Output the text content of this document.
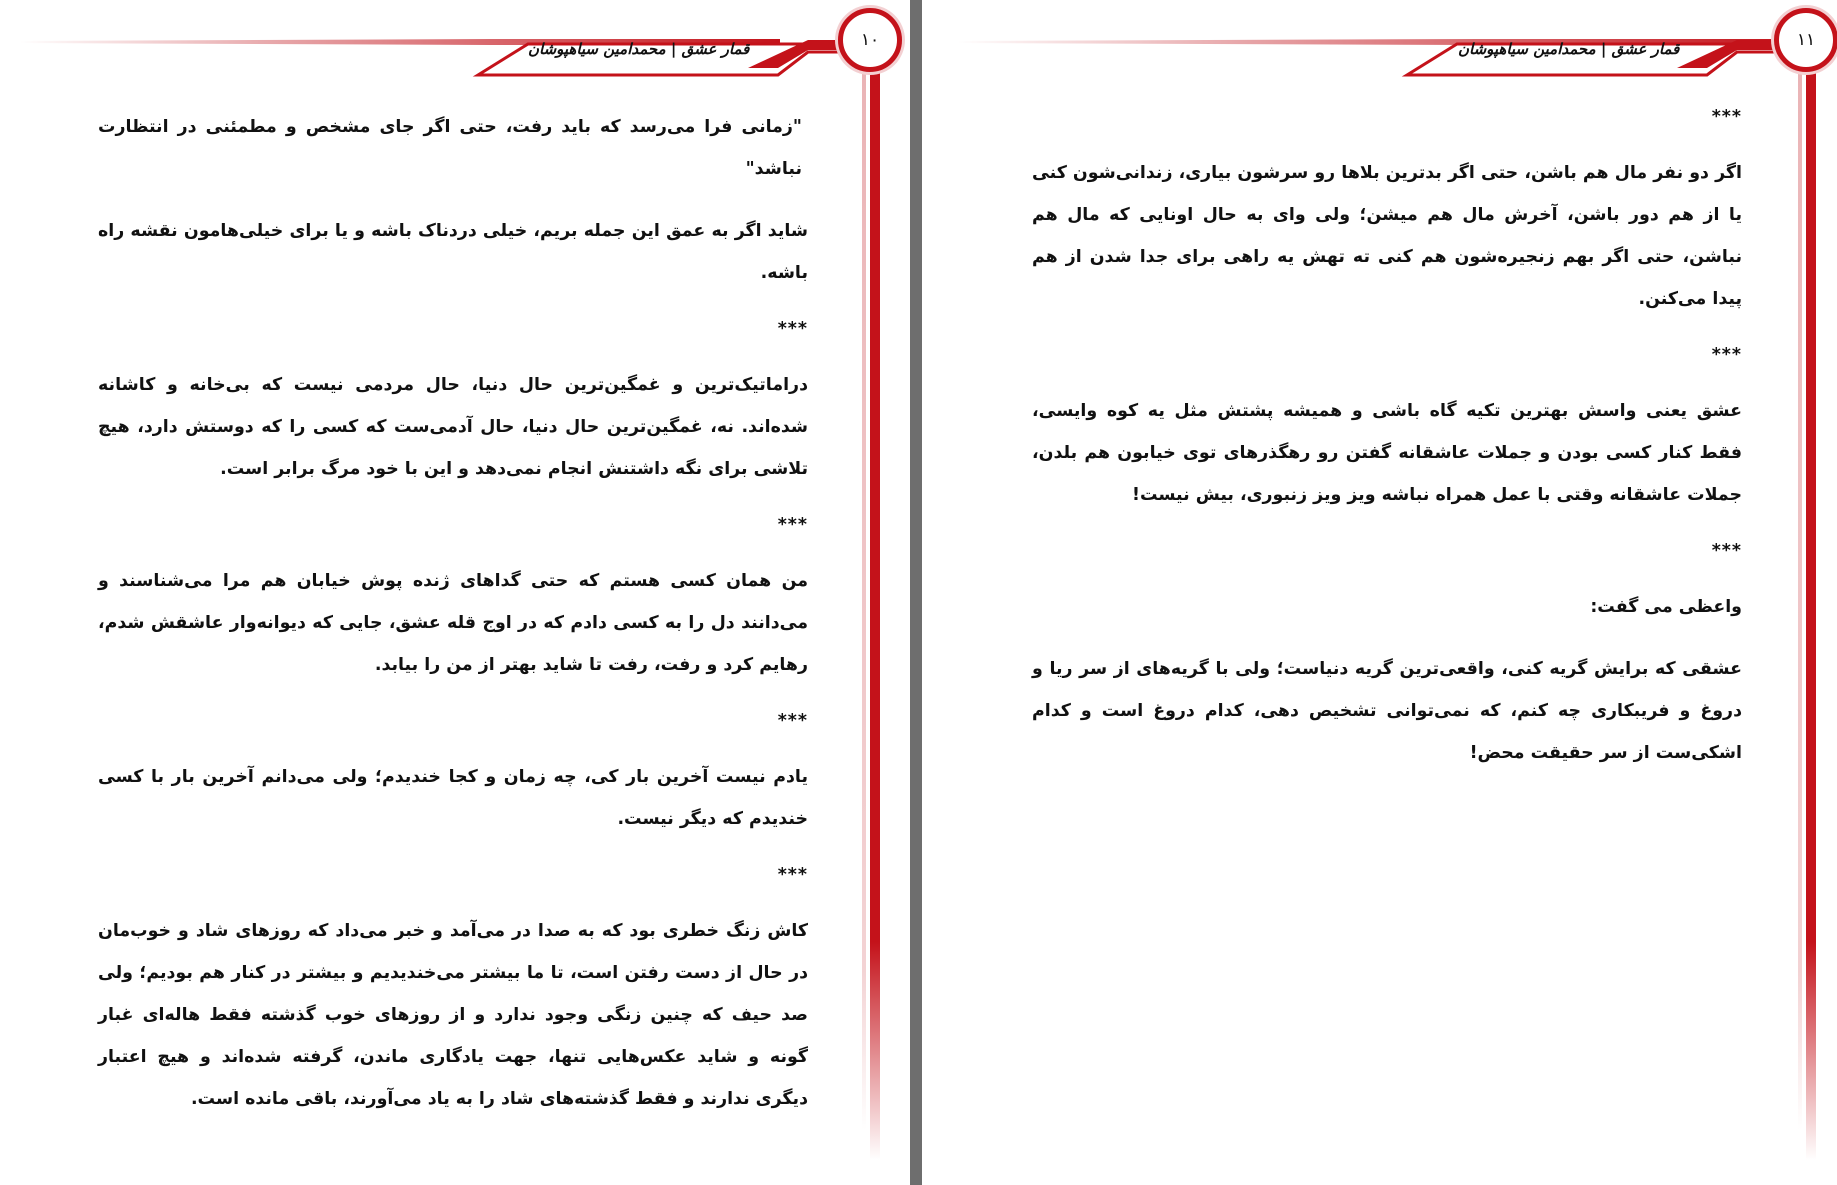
قمار عشق | محمدامین سیاهپوشان	۱۰

"زمانی فرا می‌رسد که باید رفت، حتی اگر جای مشخص و مطمئنی در انتظارت نباشد"

شاید اگر به عمق این جمله بریم، خیلی دردناک باشه و یا برای خیلی‌هامون نقشه راه باشه.

***

دراماتیک‌ترین و غمگین‌ترین حال دنیا، حال مردمی نیست که بی‌خانه و کاشانه شده‌اند. نه، غمگین‌ترین حال دنیا، حال آدمی‌ست که کسی را که دوستش دارد، هیچ تلاشی برای نگه داشتنش انجام نمی‌دهد و این با خود مرگ برابر است.

***

من همان کسی هستم که حتی گداهای ژنده پوش خیابان هم مرا می‌شناسند و می‌دانند دل را به کسی دادم که در اوج قله عشق، جایی که دیوانه‌وار عاشقش شدم، رهایم کرد و رفت، رفت تا شاید بهتر از من را بیابد.

***

یادم نیست آخرین بار کی، چه زمان و کجا خندیدم؛ ولی می‌دانم آخرین بار با کسی خندیدم که دیگر نیست.

***

کاش زنگ خطری بود که به صدا در می‌آمد و خبر می‌داد که روزهای شاد و خوب‌مان در حال از دست رفتن است، تا ما بیشتر می‌خندیدیم و بیشتر در کنار هم بودیم؛ ولی صد حیف که چنین زنگی وجود ندارد و از روزهای خوب گذشته فقط هاله‌ای غبار گونه و شاید عکس‌هایی تنها، جهت یادگاری ماندن، گرفته شده‌اند و هیچ اعتبار دیگری ندارند و فقط گذشته‌های شاد را به یاد می‌آورند، باقی مانده است.

قمار عشق | محمدامین سیاهپوشان	۱۱

***

اگر دو نفر مال هم باشن، حتی اگر بدترین بلاها رو سرشون بیاری، زندانی‌شون کنی یا از هم دور باشن، آخرش مال هم میشن؛ ولی وای به حال اونایی که مال هم نباشن، حتی اگر بهم زنجیره‌شون هم کنی ته تهش یه راهی برای جدا شدن از هم پیدا می‌کنن.

***

عشق یعنی واسش بهترین تکیه گاه باشی و همیشه پشتش مثل یه کوه وایسی، فقط کنار کسی بودن و جملات عاشقانه گفتن رو رهگذرهای توی خیابون هم بلدن، جملات عاشقانه وقتی با عمل همراه نباشه ویز ویز زنبوری، بیش نیست!

***

واعظی می گفت:

عشقی که برایش گریه کنی، واقعی‌ترین گریه دنیاست؛ ولی با گریه‌های از سر ریا و دروغ و فریبکاری چه کنم، که نمی‌توانی تشخیص دهی، کدام دروغ است و کدام اشکی‌ست از سر حقیقت محض!
